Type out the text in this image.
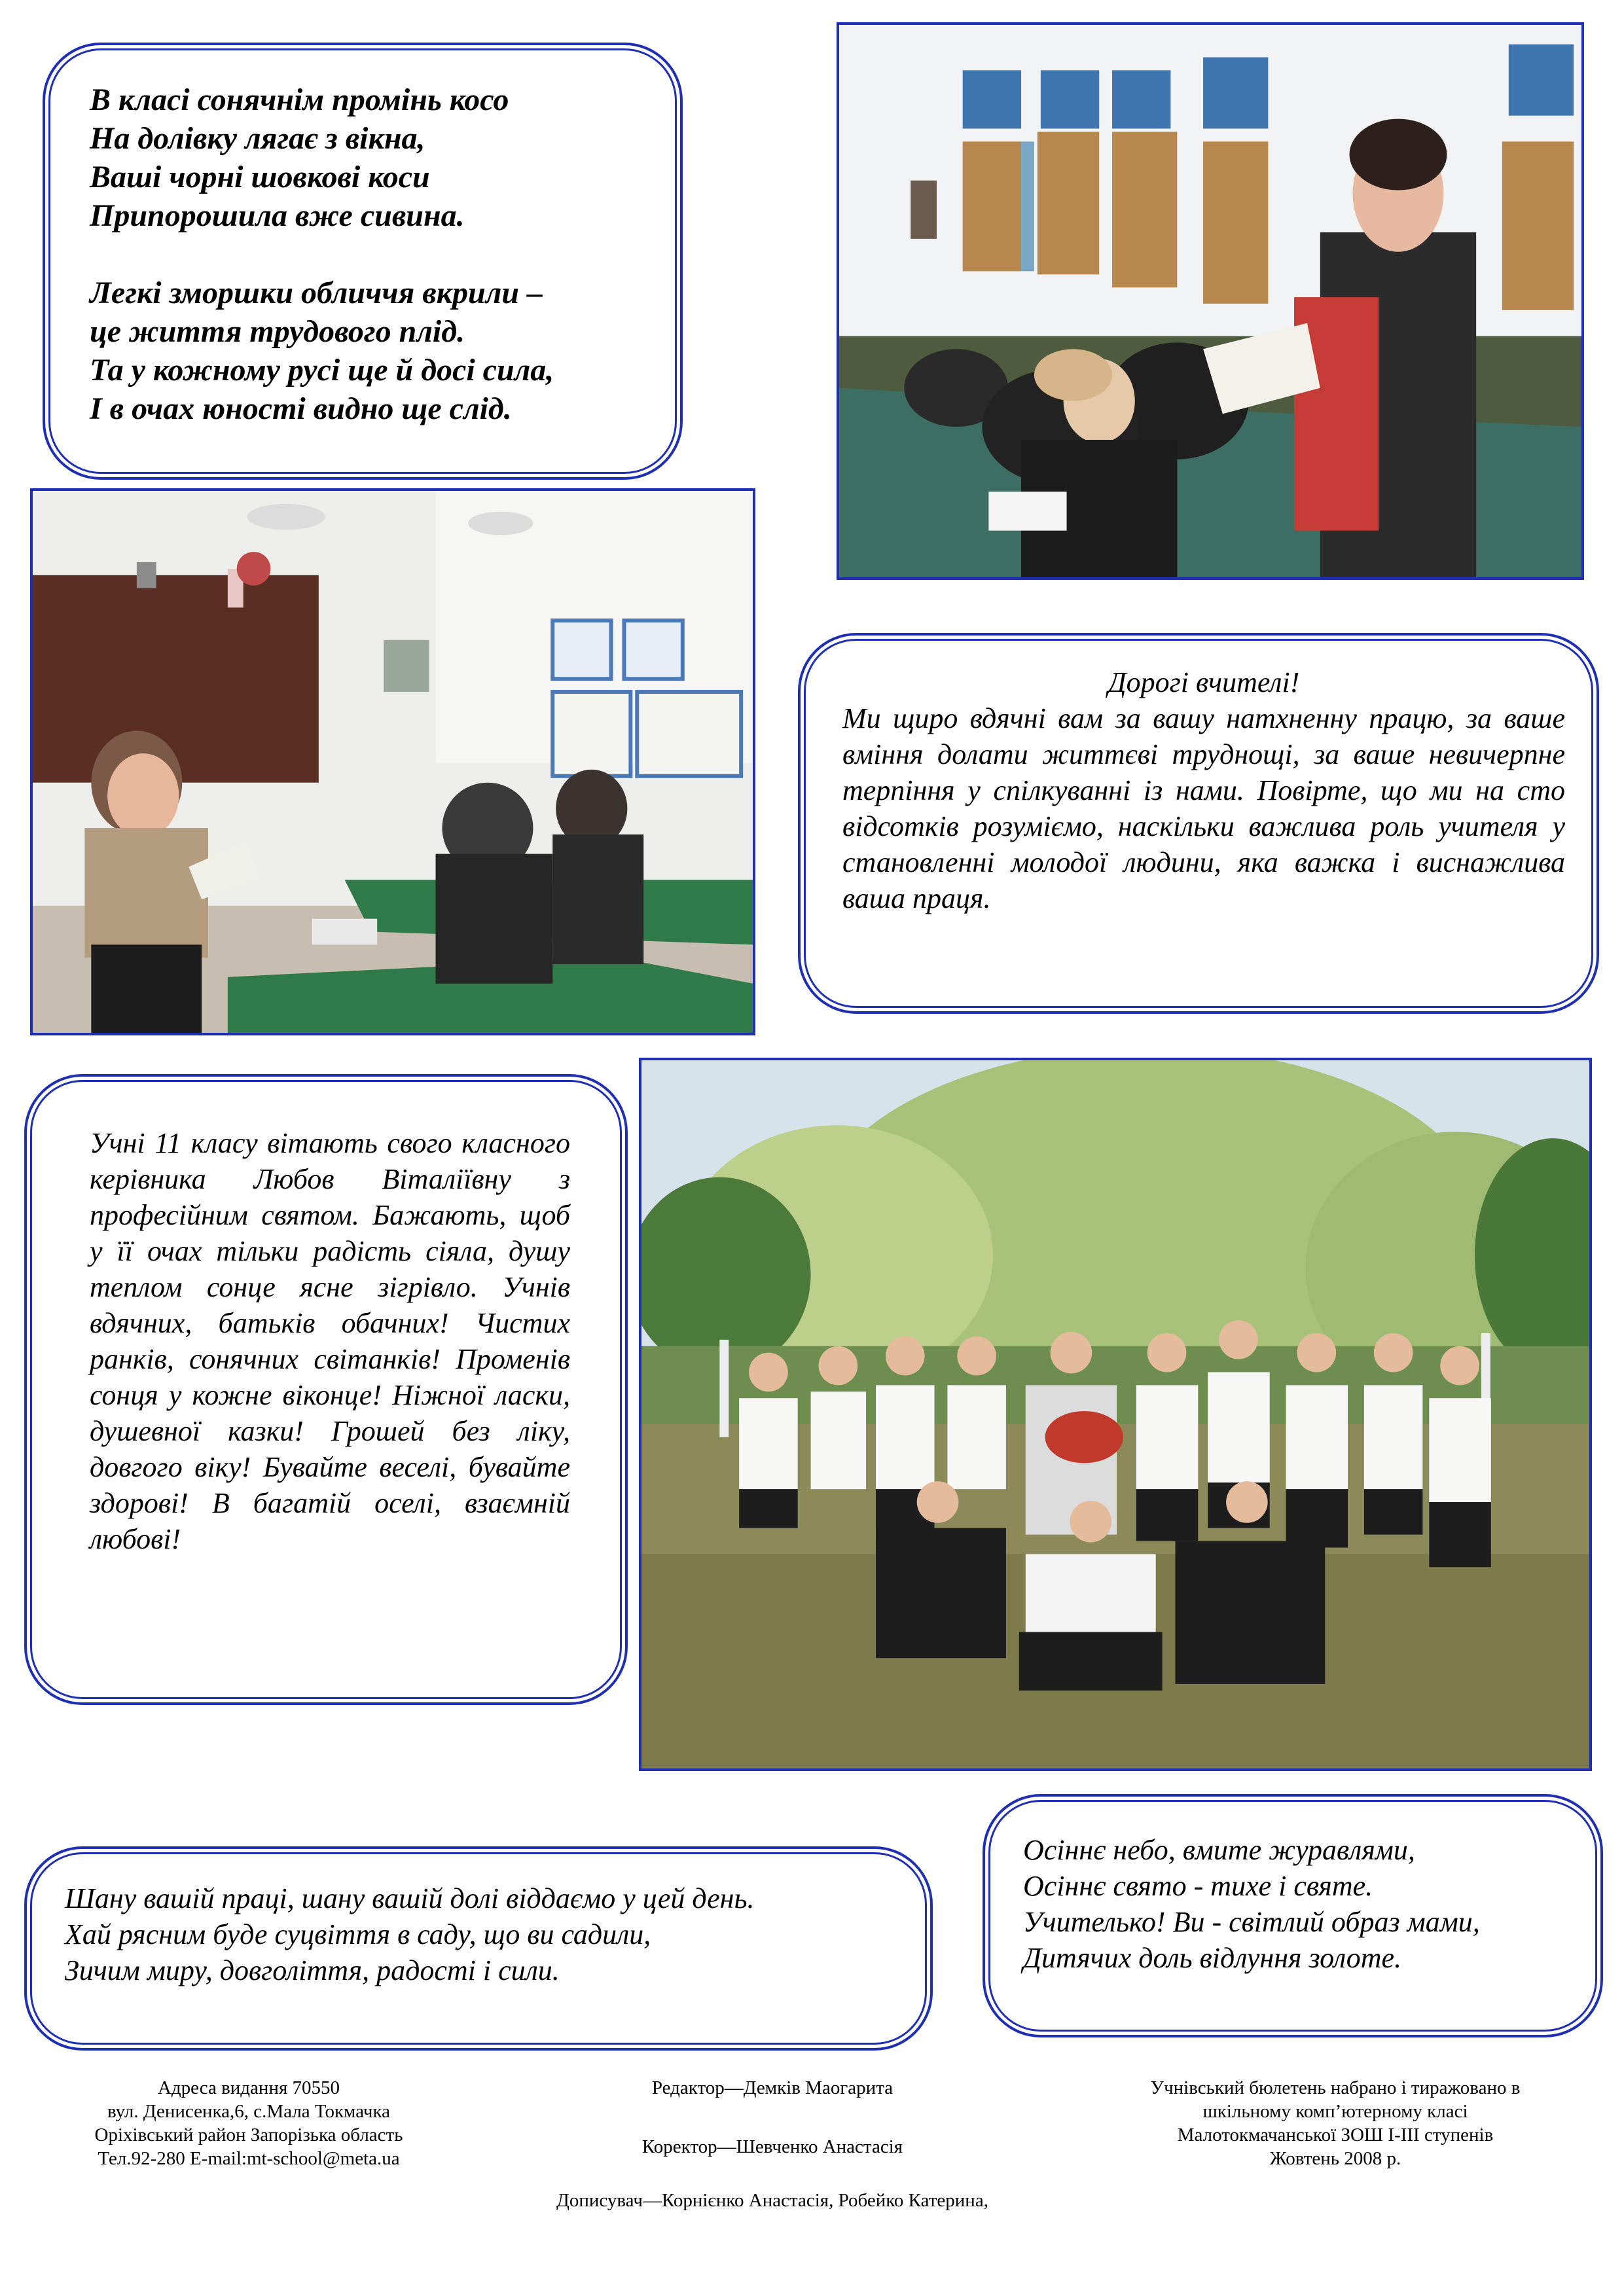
В класі сонячнім промінь косо

На долівку лягає з вікна,

Ваші чорні шовкові коси

Припорошила вже сивина.

Легкі зморшки обличчя вкрили –

це життя трудового плід.

Та у кожному русі ще й досі сила,

І в очах юності видно ще слід.

Дорогі вчителі!

Ми щиро вдячні вам за вашу натхненну працю, за ваше вміння долати життєві труднощі, за ваше невичерпне терпіння у спілкуванні із нами. Повірте, що ми на сто відсотків розуміємо, наскільки важлива роль учителя у становленні молодої людини, яка важка і виснажлива ваша праця.

Учні 11 класу вітають свого класного керівника Любов Віталіївну з професійним святом. Бажають, щоб у її очах тільки радість сіяла, душу теплом сонце ясне зігрівло. Учнів вдячних, батьків обачних! Чистих ранків, сонячних світанків! Променів сонця у кожне віконце! Ніжної ласки, душевної казки! Грошей без ліку, довгого віку! Бувайте веселі, бувайте здорові! В багатій оселі, взаємній любові!

Шану вашій праці, шану вашій долі віддаємо у цей день.

Хай рясним буде суцвіття в саду, що ви садили,

Зичим миру, довголіття, радості і сили.

Осіннє небо, вмите журавлями,

Осіннє свято - тихе і святе.

Учителько! Ви - світлий образ мами,

Дитячих доль відлуння золоте.

Адреса видання 70550
вул. Денисенка,6, с.Мала Токмачка
Оріхівський район Запорізька область
Тел.92-280 E-mail:mt-school@meta.ua
Редактор—Демків Маогарита
Коректор—Шевченко Анастасія
Учнівський бюлетень набрано і тиражовано в
шкільному комп’ютерному класі
Малотокмачанської ЗОШ І-ІІІ ступенів
Жовтень 2008 р.
Дописувач—Корнієнко Анастасія, Робейко Катерина,
